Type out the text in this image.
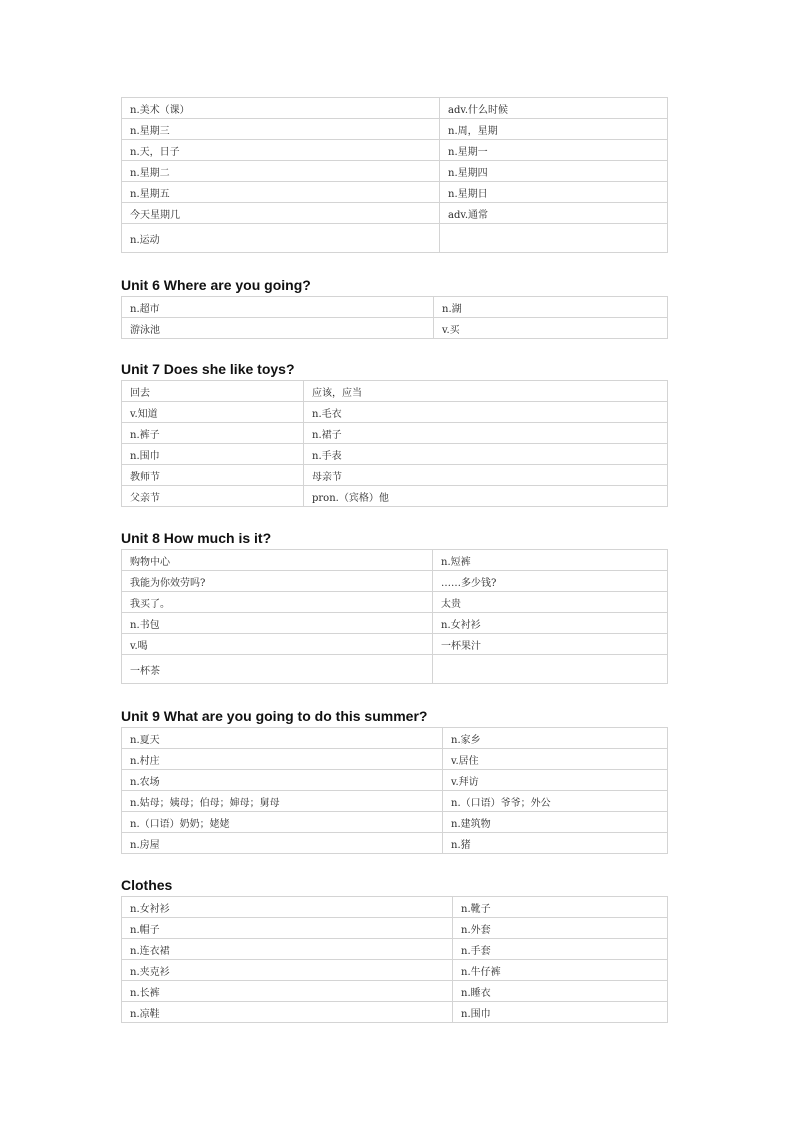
n.美术（课）	adv.什么时候
n.星期三	n.周，星期
n.天，日子	n.星期一
n.星期二	n.星期四
n.星期五	n.星期日
今天星期几	adv.通常
n.运动	
Unit 6 Where are you going?
n.超市	n.湖
游泳池	v.买
Unit 7 Does she like toys?
回去	应该，应当
v.知道	n.毛衣
n.裤子	n.裙子
n.围巾	n.手表
教师节	母亲节
父亲节	pron.（宾格）他
Unit 8 How much is it?
购物中心	n.短裤
我能为你效劳吗?	……多少钱?
我买了。	太贵
n.书包	n.女衬衫
v.喝	一杯果汁
一杯茶	
Unit 9 What are you going to do this summer?
n.夏天	n.家乡
n.村庄	v.居住
n.农场	v.拜访
n.姑母；姨母；伯母；婶母；舅母	n.（口语）爷爷；外公
n.（口语）奶奶；姥姥	n.建筑物
n.房屋	n.猪
Clothes
n.女衬衫	n.靴子
n.帽子	n.外套
n.连衣裙	n.手套
n.夹克衫	n.牛仔裤
n.长裤	n.睡衣
n.凉鞋	n.围巾
